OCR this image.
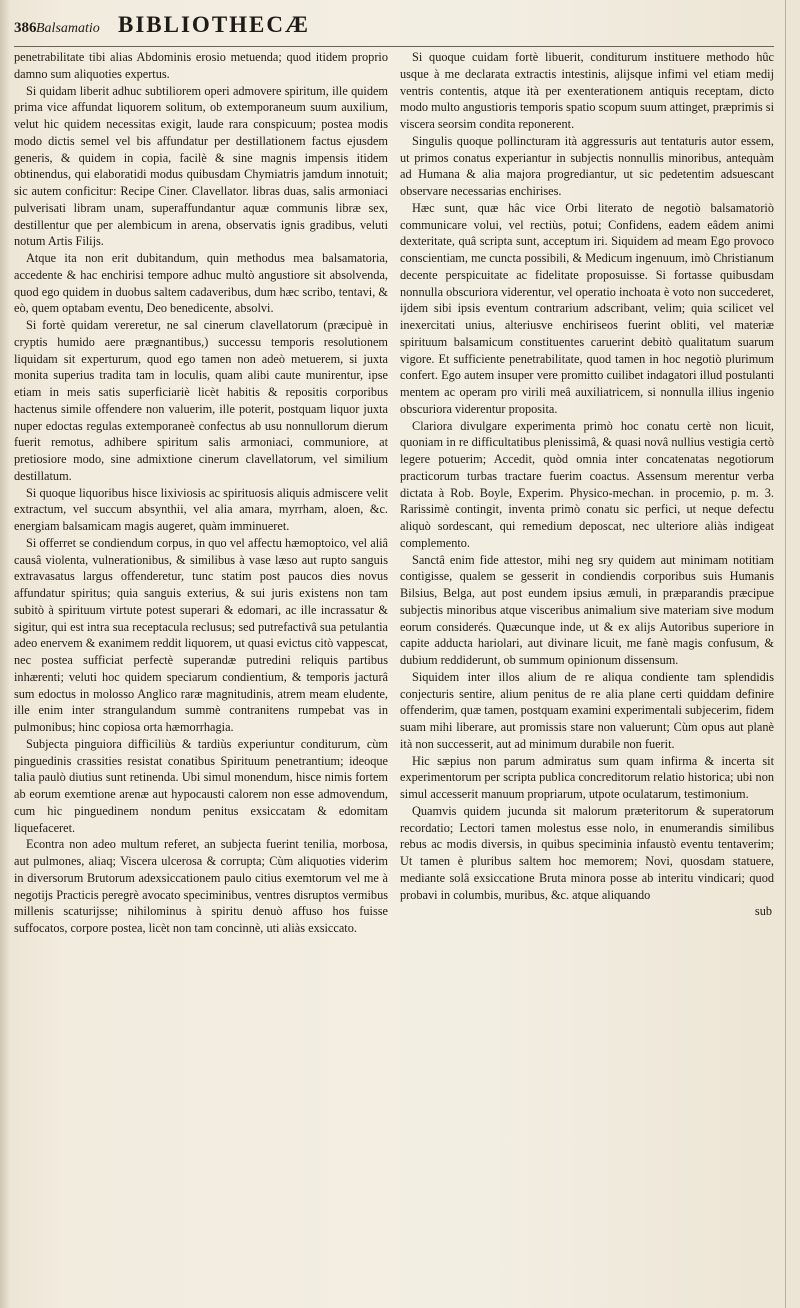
386 Balsamatio BIBLIOTHECÆ

penetrabilitate tibi alias Abdominis erosio metuenda; quod itidem proprio damno sum aliquoties expertus.

Si quidam liberit adhuc subtiliorem operi admovere spiritum, ille quidem prima vice affundat liquorem solitum, ob extemporaneum suum auxilium, velut hic quidem necessitas exigit, laude rara conspicuum; postea modis modo dictis semel vel bis affundatur per destillationem factus ejusdem generis, & quidem in copia, facilè & sine magnis impensis itidem obtinendus, qui elaboratidi modus quibusdam Chymiatris jamdum innotuit; sic autem conficitur: Recipe Ciner. Clavellator. libras duas, salis armoniaci pulverisati libram unam, superaffundantur aquæ communis libræ sex, destillentur que per alembicum in arena, observatis ignis gradibus, veluti notum Artis Filijs.

Atque ita non erit dubitandum, quin methodus mea balsamatoria, accedente & hac enchirisi tempore adhuc multò angustiore sit absolvenda, quod ego quidem in duobus saltem cadaveribus, dum hæc scribo, tentavi, & eò, quem optabam eventu, Deo benedicente, absolvi.

Si fortè quidam vereretur, ne sal cinerum clavellatorum (præcipuè in cryptis humido aere prægnantibus,) successu temporis resolutionem liquidam sit experturum, quod ego tamen non adeò metuerem, si juxta monita superius tradita tam in loculis, quam alibi caute munirentur, ipse etiam in meis satis superficiariè licèt habitis & repositis corporibus hactenus simile offendere non valuerim, ille poterit, postquam liquor juxta nuper edoctas regulas extemporaneè confectus ab usu nonnullorum dierum fuerit remotus, adhibere spiritum salis armoniaci, communiore, at pretiosiore modo, sine admixtione cinerum clavellatorum, vel similium destillatum.

Si quoque liquoribus hisce lixiviosis ac spirituosis aliquis admiscere velit extractum, vel succum absynthii, vel alia amara, myrrham, aloen, &c. energiam balsamicam magis augeret, quàm imminueret.

Si offerret se condiendum corpus, in quo vel affectu hæmoptoico, vel aliâ causâ violenta, vulnerationibus, & similibus à vase læso aut rupto sanguis extravasatus largus offenderetur, tunc statim post paucos dies novus affundatur spiritus; quia sanguis exterius, & sui juris existens non tam subitò à spirituum virtute potest superari & edomari, ac ille incrassatur & sigitur, qui est intra sua receptacula reclusus; sed putrefactivâ sua petulantia adeo enervem & exanimem reddit liquorem, ut quasi evictus citò vappescat, nec postea sufficiat perfectè superandæ putredini reliquis partibus inhærenti; veluti hoc quidem speciarum condientium, & temporis jacturâ sum edoctus in molosso Anglico raræ magnitudinis, atrem meam eludente, ille enim inter strangulandum summè contranitens rumpebat vas in pulmonibus; hinc copiosa orta hæmorrhagia.

Subjecta pinguiora difficiliùs & tardiùs experiuntur conditurum, cùm pinguedinis crassities resistat conatibus Spirituum penetrantium; ideoque talia paulò diutius sunt retinenda. Ubi simul monendum, hisce nimis fortem ab eorum exemtione arenæ aut hypocausti calorem non esse admovendum, cum hic pinguedinem nondum penitus exsiccatam & edomitam liquefaceret.

Econtra non adeo multum referet, an subjecta fuerint tenilia, morbosa, aut pulmones, aliaq; Viscera ulcerosa & corrupta; Cùm aliquoties viderim in diversorum Brutorum adexsiccationem paulo citius exemtorum vel me à negotijs Practicis peregrè avocato speciminibus, ventres disruptos vermibus millenis scaturijsse; nihilominus à spiritu denuò affuso hos fuisse suffocatos, corpore postea, licèt non tam concinnè, uti aliàs exsiccato.

Si quoque cuidam fortè libuerit, conditurum instituere methodo hûc usque à me declarata extractis intestinis, alijsque infimi vel etiam medij ventris contentis, atque ità per exenterationem antiquis receptam, dicto modo multo angustioris temporis spatio scopum suum attinget, præprimis si viscera seorsim condita reponerent.

Singulis quoque pollincturam ità aggressuris aut tentaturis autor essem, ut primos conatus experiantur in subjectis nonnullis minoribus, antequàm ad Humana & alia majora progrediantur, ut sic pedetentim adsuescant observare necessarias enchirises.

Hæc sunt, quæ hâc vice Orbi literato de negotiò balsamatoriò communicare volui, vel rectiùs, potui; Confidens, eadem eâdem animi dexteritate, quâ scripta sunt, acceptum iri. Siquidem ad meam Ego provoco conscientiam, me cuncta possibili, & Medicum ingenuum, imò Christianum decente perspicuitate ac fidelitate proposuisse. Si fortasse quibusdam nonnulla obscuriora viderentur, vel operatio inchoata è voto non succederet, ijdem sibi ipsis eventum contrarium adscribant, velim; quia scilicet vel inexercitati unius, alteriusve enchiriseos fuerint obliti, vel materiæ spirituum balsamicum constituentes caruerint debitò qualitatum suarum vigore. Et sufficiente penetrabilitate, quod tamen in hoc negotiò plurimum confert. Ego autem insuper vere promitto cuilibet indagatori illud postulanti mentem ac operam pro virili meâ auxiliatricem, si nonnulla illius ingenio obscuriora viderentur proposita.

Clariora divulgare experimenta primò hoc conatu certè non licuit, quoniam in re difficultatibus plenissimâ, & quasi novâ nullius vestigia certò legere potuerim; Accedit, quòd omnia inter concatenatas negotiorum practicorum turbas tractare fuerim coactus. Assensum merentur verba dictata à Rob. Boyle, Experim. Physico-mechan. in procemio, p. m. 3. Rarissimè contingit, inventa primò conatu sic perfici, ut neque defectu aliquò sordescant, qui remedium deposcat, nec ulteriore aliàs indigeat complemento.

Sanctâ enim fide attestor, mihi neg sry quidem aut minimam notitiam contigisse, qualem se gesserit in condiendis corporibus suis Humanis Bilsius, Belga, aut post eundem ipsius æmuli, in præparandis præcipue subjectis minoribus atque visceribus animalium sive materiam sive modum eorum considerés. Quæcunque inde, ut & ex alijs Autoribus superiore in capite adducta hariolari, aut divinare licuit, me fanè magis confusum, & dubium reddiderunt, ob summum opinionum dissensum.

Siquidem inter illos alium de re aliqua condiente tam splendidis conjecturis sentire, alium penitus de re alia plane certi quiddam definire offenderim, quæ tamen, postquam examini experimentali subjecerim, fidem suam mihi liberare, aut promissis stare non valuerunt; Cùm opus aut planè ità non successerit, aut ad minimum durabile non fuerit.

Hic sæpius non parum admiratus sum quam infirma & incerta sit experimentorum per scripta publica concreditorum relatio historica; ubi non simul accesserit manuum propriarum, utpote oculatarum, testimonium.

Quamvis quidem jucunda sit malorum præteritorum & superatorum recordatio; Lectori tamen molestus esse nolo, in enumerandis similibus rebus ac modis diversis, in quibus speciminia infaustò eventu tentaverim; Ut tamen è pluribus saltem hoc memorem; Novi, quosdam statuere, mediante solâ exsiccatione Bruta minora posse ab interitu vindicari; quod probavi in columbis, muribus, &c. atque aliquando

sub
